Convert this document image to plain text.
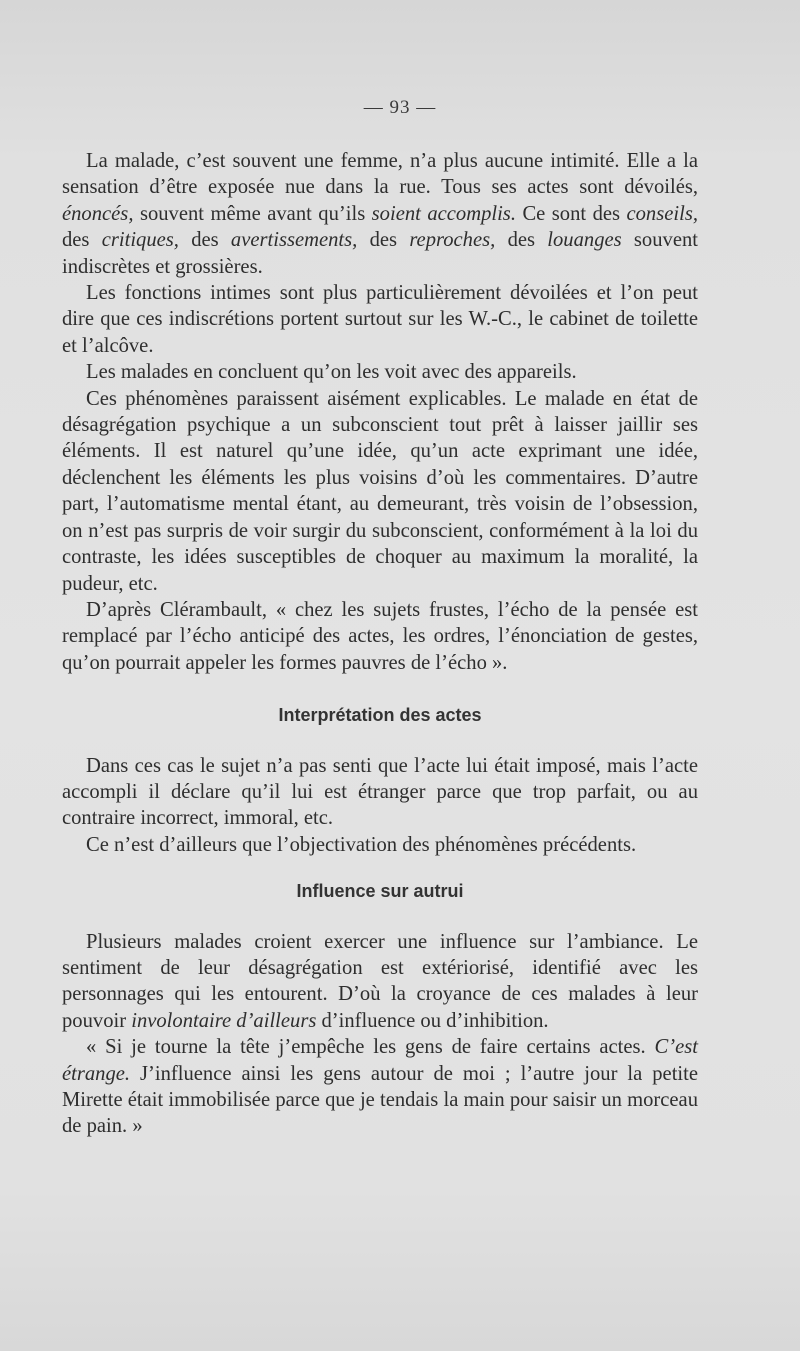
— 93 —

La malade, c’est souvent une femme, n’a plus aucune intimité. Elle a la sensation d’être exposée nue dans la rue. Tous ses actes sont dévoilés, énoncés, souvent même avant qu’ils soient accomplis. Ce sont des conseils, des critiques, des avertissements, des reproches, des louanges souvent indiscrètes et grossières.

Les fonctions intimes sont plus particulièrement dévoilées et l’on peut dire que ces indiscrétions portent surtout sur les W.-C., le cabinet de toilette et l’alcôve.

Les malades en concluent qu’on les voit avec des appareils.

Ces phénomènes paraissent aisément explicables. Le malade en état de désagrégation psychique a un subconscient tout prêt à laisser jaillir ses éléments. Il est naturel qu’une idée, qu’un acte exprimant une idée, déclenchent les éléments les plus voisins d’où les commentaires. D’autre part, l’automatisme mental étant, au demeurant, très voisin de l’obsession, on n’est pas surpris de voir surgir du subconscient, conformément à la loi du contraste, les idées susceptibles de choquer au maximum la moralité, la pudeur, etc.

D’après Clérambault, « chez les sujets frustes, l’écho de la pensée est remplacé par l’écho anticipé des actes, les ordres, l’énonciation de gestes, qu’on pourrait appeler les formes pauvres de l’écho ».

Interprétation des actes

Dans ces cas le sujet n’a pas senti que l’acte lui était imposé, mais l’acte accompli il déclare qu’il lui est étranger parce que trop parfait, ou au contraire incorrect, immoral, etc.

Ce n’est d’ailleurs que l’objectivation des phénomènes précédents.

Influence sur autrui

Plusieurs malades croient exercer une influence sur l’ambiance. Le sentiment de leur désagrégation est extériorisé, identifié avec les personnages qui les entourent. D’où la croyance de ces malades à leur pouvoir involontaire d’ailleurs d’influence ou d’inhibition.

« Si je tourne la tête j’empêche les gens de faire certains actes. C’est étrange. J’influence ainsi les gens autour de moi ; l’autre jour la petite Mirette était immobilisée parce que je tendais la main pour saisir un morceau de pain. »
